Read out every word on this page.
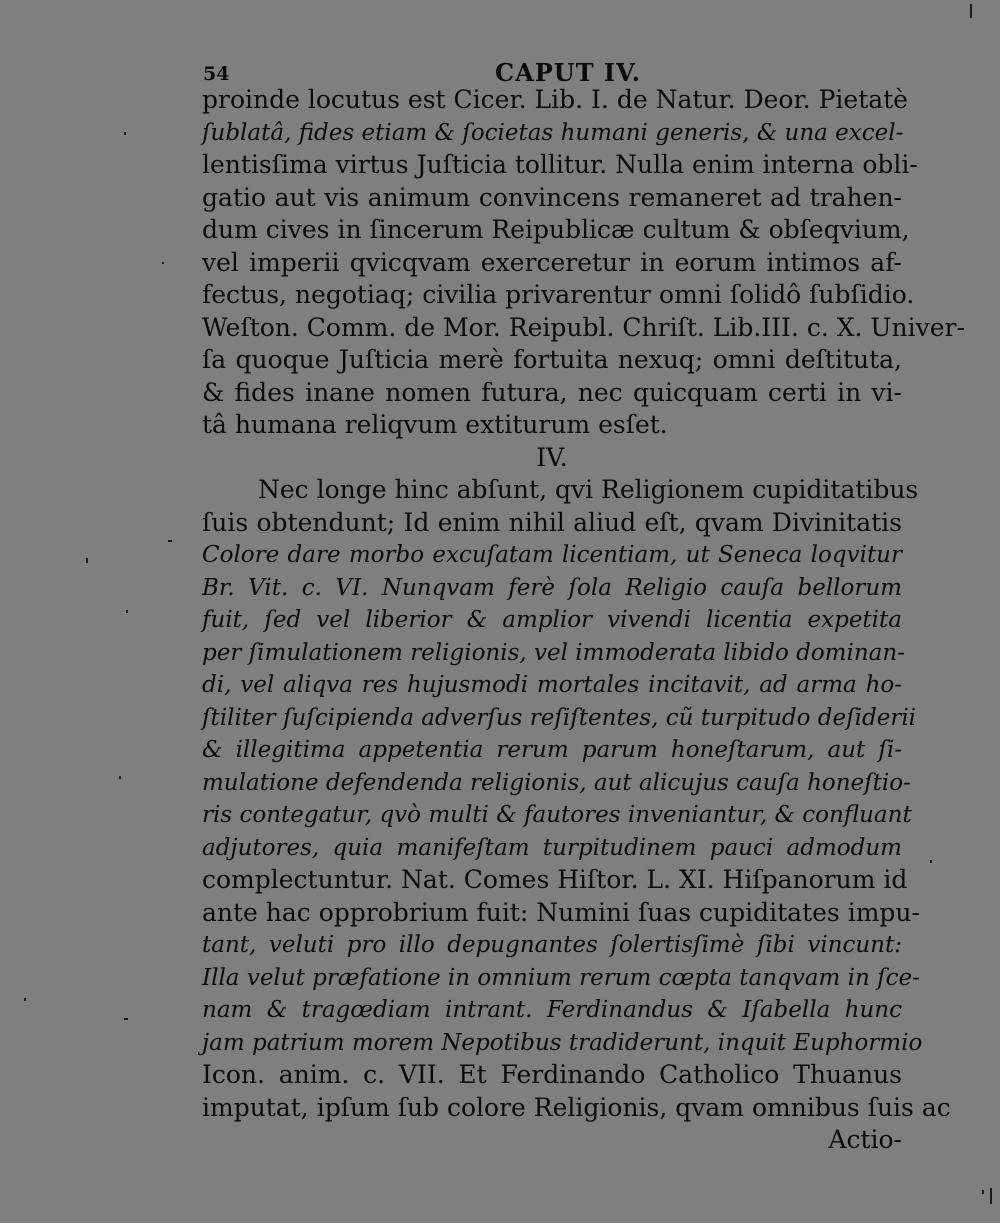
54	CAPUT IV.
proinde locutus est Cicer. Lib. I. de Natur. Deor. Pietatè
ſublatâ, fides etiam & ſocietas humani generis, & una excel-
lentisſima virtus Juſticia tollitur. Nulla enim interna obli-
gatio aut vis animum convincens remaneret ad trahen-
dum cives in ſincerum Reipublicæ cultum & obſeqvium,
vel imperii qvicqvam exerceretur in eorum intimos af-
fectus, negotiaq; civilia privarentur omni ſolidô ſubſidio.
Weſton. Comm. de Mor. Reipubl. Chriſt. Lib.III. c. X. Univer-
ſa quoque Juſticia merè fortuita nexuq; omni deſtituta,
& fides inane nomen futura, nec quicquam certi in vi-
tâ humana reliqvum extiturum esſet.
IV.
Nec longe hinc abſunt, qvi Religionem cupiditatibus
ſuis obtendunt; Id enim nihil aliud eſt, qvam Divinitatis
Colore dare morbo excuſatam licentiam, ut Seneca loqvitur
Br. Vit. c. VI. Nunqvam ferè ſola Religio cauſa bellorum
fuit, ſed vel liberior & amplior vivendi licentia expetita
per ſimulationem religionis, vel immoderata libido dominan-
di, vel aliqva res hujusmodi mortales incitavit, ad arma ho-
ſtiliter ſuſcipienda adverſus reſiſtentes, cũ turpitudo deſiderii
& illegitima appetentia rerum parum honeſtarum, aut ſi-
mulatione defendenda religionis, aut alicujus cauſa honeſtio-
ris contegatur, qvò multi & fautores inveniantur, & confluant
adjutores, quia manifeſtam turpitudinem pauci admodum
complectuntur. Nat. Comes Hiſtor. L. XI. Hiſpanorum id
ante hac opprobrium fuit: Numini ſuas cupiditates impu-
tant, veluti pro illo depugnantes ſolertisſimè ſibi vincunt:
Illa velut præfatione in omnium rerum cœpta tanqvam in ſce-
nam & tragœdiam intrant. Ferdinandus & Iſabella hunc
jam patrium morem Nepotibus tradiderunt, inquit Euphormio
Icon. anim. c. VII. Et Ferdinando Catholico Thuanus
imputat, ipſum ſub colore Religionis, qvam omnibus ſuis ac
Actio-
